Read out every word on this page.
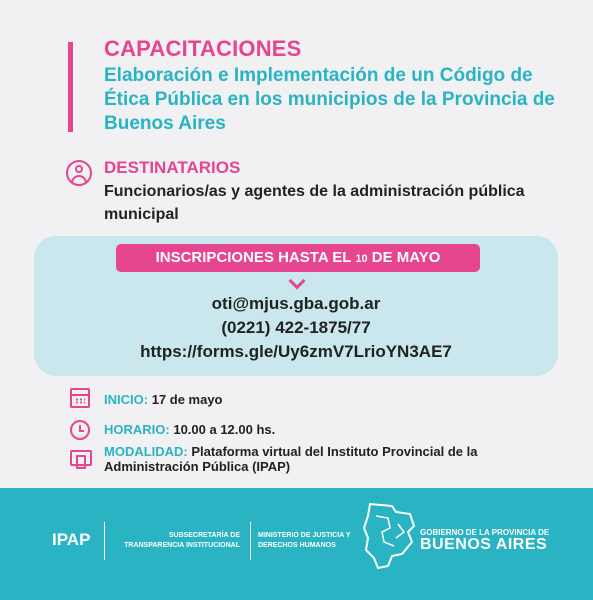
CAPACITACIONES
Elaboración e Implementación de un Código de Ética Pública en los municipios de la Provincia de Buenos Aires
DESTINATARIOS
Funcionarios/as y agentes de la administración pública municipal
INSCRIPCIONES HASTA EL 10 DE MAYO
oti@mjus.gba.gob.ar
(0221) 422-1875/77
https://forms.gle/Uy6zmV7LrioYN3AE7
INICIO: 17 de mayo
HORARIO: 10.00 a 12.00 hs.
MODALIDAD: Plataforma virtual del Instituto Provincial de la Administración Pública (IPAP)
IPAP	SUBSECRETARÍA DE TRANSPARENCIA INSTITUCIONAL
MINISTERIO DE JUSTICIA Y DERECHOS HUMANOS
GOBIERNO DE LA PROVINCIA DE
BUENOS AIRES
